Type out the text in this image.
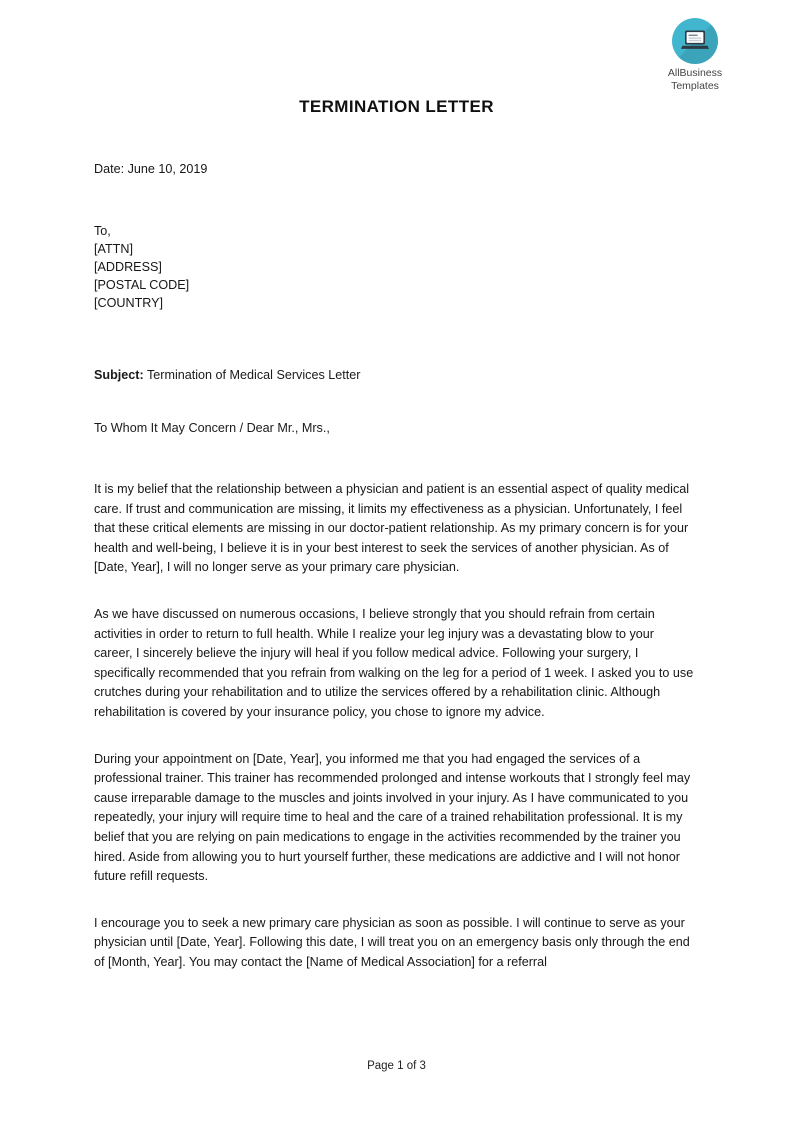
AllBusiness
Templates
TERMINATION LETTER
Date: June 10, 2019
To,
[ATTN]
[ADDRESS]
[POSTAL CODE]
[COUNTRY]
Subject: Termination of Medical Services Letter
To Whom It May Concern / Dear Mr., Mrs.,

It is my belief that the relationship between a physician and patient is an essential aspect of quality medical care. If trust and communication are missing, it limits my effectiveness as a physician. Unfortunately, I feel that these critical elements are missing in our doctor-patient relationship. As my primary concern is for your health and well-being, I believe it is in your best interest to seek the services of another physician. As of [Date, Year], I will no longer serve as your primary care physician.

As we have discussed on numerous occasions, I believe strongly that you should refrain from certain activities in order to return to full health. While I realize your leg injury was a devastating blow to your career, I sincerely believe the injury will heal if you follow medical advice. Following your surgery, I specifically recommended that you refrain from walking on the leg for a period of 1 week. I asked you to use crutches during your rehabilitation and to utilize the services offered by a rehabilitation clinic. Although rehabilitation is covered by your insurance policy, you chose to ignore my advice.

During your appointment on [Date, Year], you informed me that you had engaged the services of a professional trainer. This trainer has recommended prolonged and intense workouts that I strongly feel may cause irreparable damage to the muscles and joints involved in your injury. As I have communicated to you repeatedly, your injury will require time to heal and the care of a trained rehabilitation professional. It is my belief that you are relying on pain medications to engage in the activities recommended by the trainer you hired. Aside from allowing you to hurt yourself further, these medications are addictive and I will not honor future refill requests.

I encourage you to seek a new primary care physician as soon as possible. I will continue to serve as your physician until [Date, Year]. Following this date, I will treat you on an emergency basis only through the end of [Month, Year]. You may contact the [Name of Medical Association] for a referral

Page 1 of 3
